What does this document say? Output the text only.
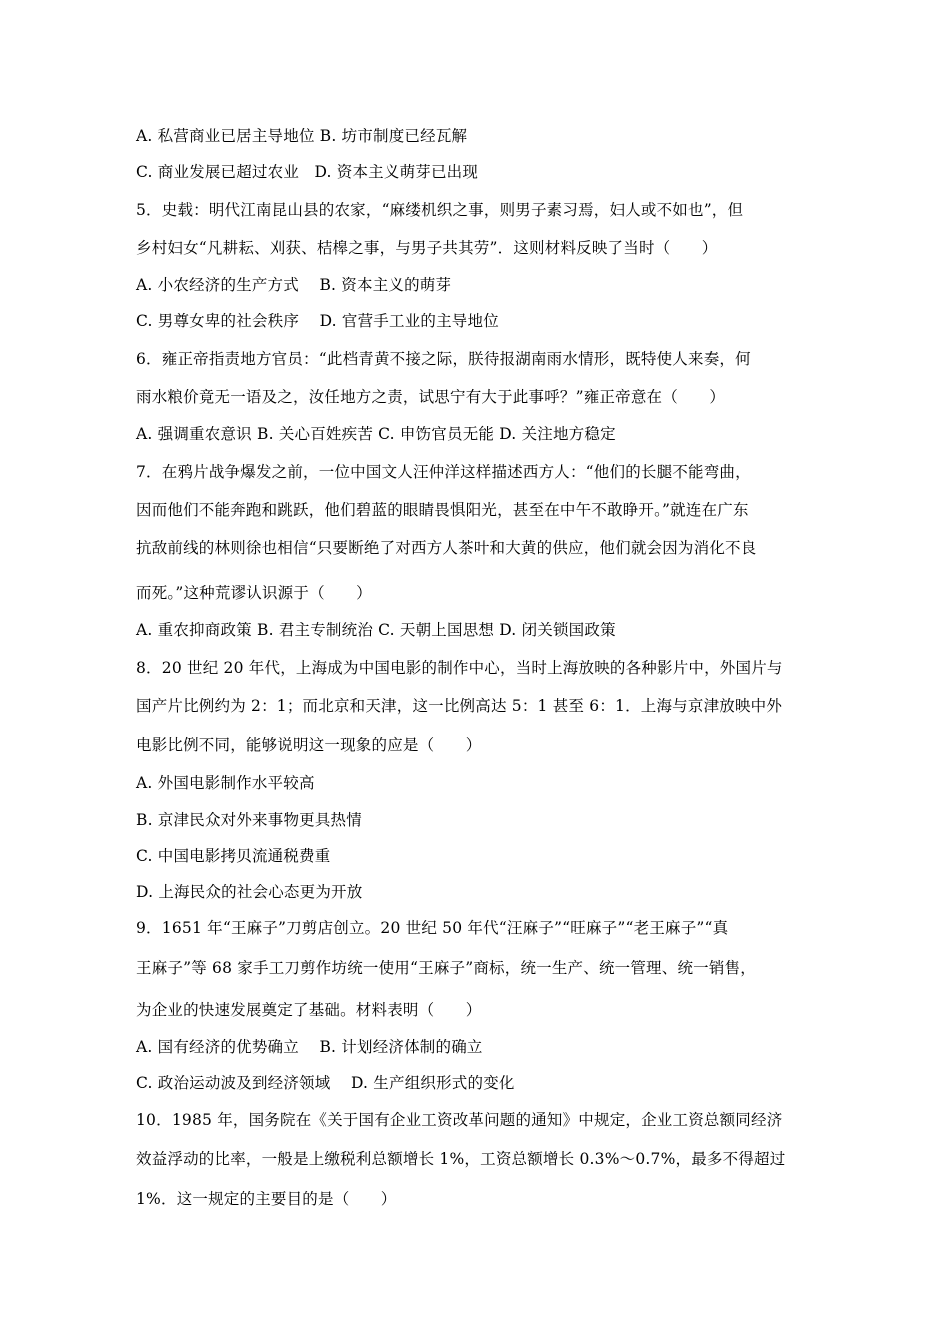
A. 私营商业已居主导地位 B. 坊市制度已经瓦解
C. 商业发展已超过农业   D. 资本主义萌芽已出现
5．史载：明代江南昆山县的农家，“麻缕机织之事，则男子素习焉，妇人或不如也”，但
乡村妇女“凡耕耘、刈获、桔槔之事，与男子共其劳”．这则材料反映了当时（　　）
A. 小农经济的生产方式    B. 资本主义的萌芽
C. 男尊女卑的社会秩序    D. 官营手工业的主导地位
6．雍正帝指责地方官员：“此档青黄不接之际，朕待报湖南雨水情形，既特使人来奏，何
雨水粮价竟无一语及之，汝任地方之责，试思宁有大于此事呼？”雍正帝意在（　　）
A. 强调重农意识 B. 关心百姓疾苦 C. 申饬官员无能 D. 关注地方稳定
7．在鸦片战争爆发之前，一位中国文人汪仲洋这样描述西方人：“他们的长腿不能弯曲，
因而他们不能奔跑和跳跃，他们碧蓝的眼睛畏惧阳光，甚至在中午不敢睁开。”就连在广东
抗敌前线的林则徐也相信“只要断绝了对西方人茶叶和大黄的供应，他们就会因为消化不良
而死。”这种荒谬认识源于（　　）
A. 重农抑商政策 B. 君主专制统治 C. 天朝上国思想 D. 闭关锁国政策
8．20 世纪 20 年代，上海成为中国电影的制作中心，当时上海放映的各种影片中，外国片与
国产片比例约为 2：1；而北京和天津，这一比例高达 5：1 甚至 6：1．上海与京津放映中外
电影比例不同，能够说明这一现象的应是（　　）
A. 外国电影制作水平较高
B. 京津民众对外来事物更具热情
C. 中国电影拷贝流通税费重
D. 上海民众的社会心态更为开放
9．1651 年“王麻子”刀剪店创立。20 世纪 50 年代“汪麻子”“旺麻子”“老王麻子”“真
王麻子”等 68 家手工刀剪作坊统一使用“王麻子”商标，统一生产、统一管理、统一销售，
为企业的快速发展奠定了基础。材料表明（　　）
A. 国有经济的优势确立    B. 计划经济体制的确立
C. 政治运动波及到经济领域    D. 生产组织形式的变化
10．1985 年，国务院在《关于国有企业工资改革问题的通知》中规定，企业工资总额同经济
效益浮动的比率，一般是上缴税利总额增长 1%，工资总额增长 0.3%～0.7%，最多不得超过
1%．这一规定的主要目的是（　　）
